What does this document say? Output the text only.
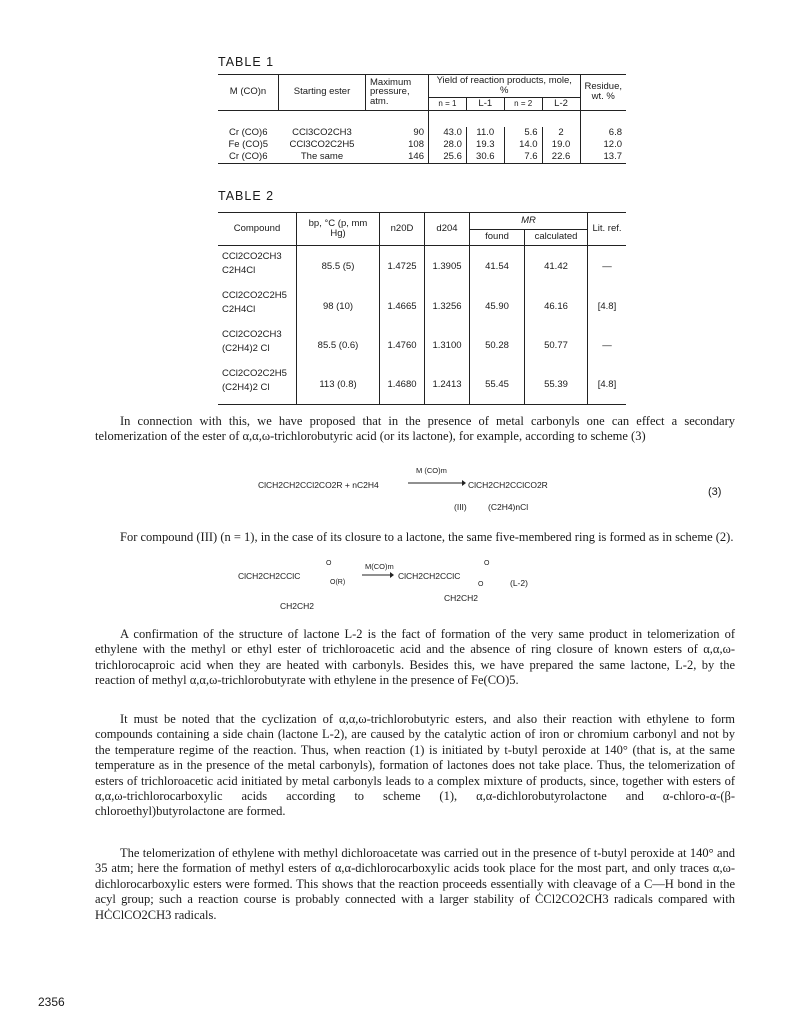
TABLE 1
M (CO)n	Starting ester	Maximum pressure, atm.	Yield of reaction products, mole, %				Residue, wt. %
			n = 1	L-1	n = 2	L-2	

Cr (CO)6	CCl3CO2CH3	90	43.0	11.0	5.6	2	6.8
Fe (CO)5	CCl3CO2C2H5	108	28.0	19.3	14.0	19.0	12.0
Cr (CO)6	The same	146	25.6	30.6	7.6	22.6	13.7
TABLE 2
Compound	bp, °C (p, mm Hg)	n20D	d204	MR		Lit. ref.
				found	calculated	

CCl2CO2CH3
C2H4Cl	85.5 (5)	1.4725	1.3905	41.54	41.42	—

CCl2CO2C2H5
C2H4Cl	98 (10)	1.4665	1.3256	45.90	46.16	[4.8]

CCl2CO2CH3
(C2H4)2 Cl	85.5 (0.6)	1.4760	1.3100	50.28	50.77	—

CCl2CO2C2H5
(C2H4)2 Cl	113 (0.8)	1.4680	1.2413	55.45	55.39	[4.8]

In connection with this, we have proposed that in the presence of metal carbonyls one can effect a secondary telomerization of the ester of α,α,ω-trichlorobutyric acid (or its lactone), for example, according to scheme (3)

ClCH2CH2CCl2CO2R + nC2H4
M (CO)m
ClCH2CH2CClCO2R
(III)	(C2H4)nCl
(3)

For compound (III) (n = 1), in the case of its closure to a lactone, the same five-membered ring is formed as in scheme (2).

ClCH2CH2CClC
CH2CH2
O
O(R)
M(CO)m
→ ClCH2CH2CClC
CH2CH2
O
O	(L-2)

A confirmation of the structure of lactone L-2 is the fact of formation of the very same product in telomerization of ethylene with the methyl or ethyl ester of trichloroacetic acid and the absence of ring closure of known esters of α,α,ω-trichlorocaproic acid when they are heated with carbonyls. Besides this, we have prepared the same lactone, L-2, by the reaction of methyl α,α,ω-trichlorobutyrate with ethylene in the presence of Fe(CO)5.

It must be noted that the cyclization of α,α,ω-trichlorobutyric esters, and also their reaction with ethylene to form compounds containing a side chain (lactone L-2), are caused by the catalytic action of iron or chromium carbonyl and not by the temperature regime of the reaction. Thus, when reaction (1) is initiated by t-butyl peroxide at 140° (that is, at the same temperature as in the presence of the metal carbonyls), formation of lactones does not take place. Thus, the telomerization of esters of trichloroacetic acid initiated by metal carbonyls leads to a complex mixture of products, since, together with esters of α,α,ω-trichlorocarboxylic acids according to scheme (1), α,α-dichlorobutyrolactone and α-chloro-α-(β-chloroethyl)butyrolactone are formed.

The telomerization of ethylene with methyl dichloroacetate was carried out in the presence of t-butyl peroxide at 140° and 35 atm; here the formation of methyl esters of α,α-dichlorocarboxylic acids took place for the most part, and only traces α,ω-dichlorocarboxylic esters were formed. This shows that the reaction proceeds essentially with cleavage of a C—H bond in the acyl group; such a reaction course is probably connected with a larger stability of ĊCl2CO2CH3 radicals compared with HĊClCO2CH3 radicals.

2356
